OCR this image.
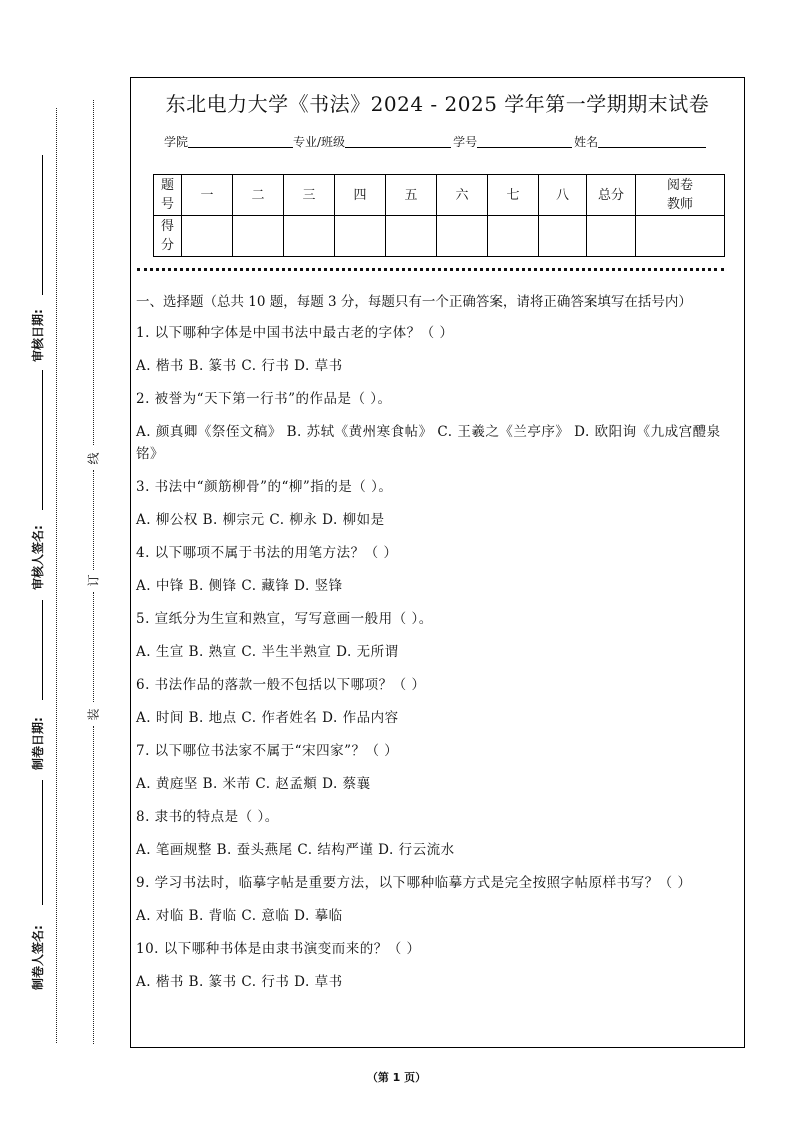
审核日期:
审核人签名:
制卷日期:
制卷人签名:
线
订
装
东北电力大学《书法》2024 - 2025 学年第一学期期末试卷
学院	专业/班级	学号	姓名
题
号	一	二	三	四	五	六	七	八	总分	阅卷
教师
得
分										
一、选择题（总共 10 题，每题 3 分，每题只有一个正确答案，请将正确答案填写在括号内）
1. 以下哪种字体是中国书法中最古老的字体？（ ）
A. 楷书 B. 篆书 C. 行书 D. 草书
2. 被誉为“天下第一行书”的作品是（ ）。
A. 颜真卿《祭侄文稿》 B. 苏轼《黄州寒食帖》 C. 王羲之《兰亭序》 D. 欧阳询《九成宫醴泉铭》
3. 书法中“颜筋柳骨”的“柳”指的是（ ）。
A. 柳公权 B. 柳宗元 C. 柳永 D. 柳如是
4. 以下哪项不属于书法的用笔方法？（ ）
A. 中锋 B. 侧锋 C. 藏锋 D. 竖锋
5. 宣纸分为生宣和熟宣，写写意画一般用（ ）。
A. 生宣 B. 熟宣 C. 半生半熟宣 D. 无所谓
6. 书法作品的落款一般不包括以下哪项？（ ）
A. 时间 B. 地点 C. 作者姓名 D. 作品内容
7. 以下哪位书法家不属于“宋四家”？（ ）
A. 黄庭坚 B. 米芾 C. 赵孟頫 D. 蔡襄
8. 隶书的特点是（ ）。
A. 笔画规整 B. 蚕头燕尾 C. 结构严谨 D. 行云流水
9. 学习书法时，临摹字帖是重要方法，以下哪种临摹方式是完全按照字帖原样书写？（ ）
A. 对临 B. 背临 C. 意临 D. 摹临
10. 以下哪种书体是由隶书演变而来的？（ ）
A. 楷书 B. 篆书 C. 行书 D. 草书
（第 1 页）
